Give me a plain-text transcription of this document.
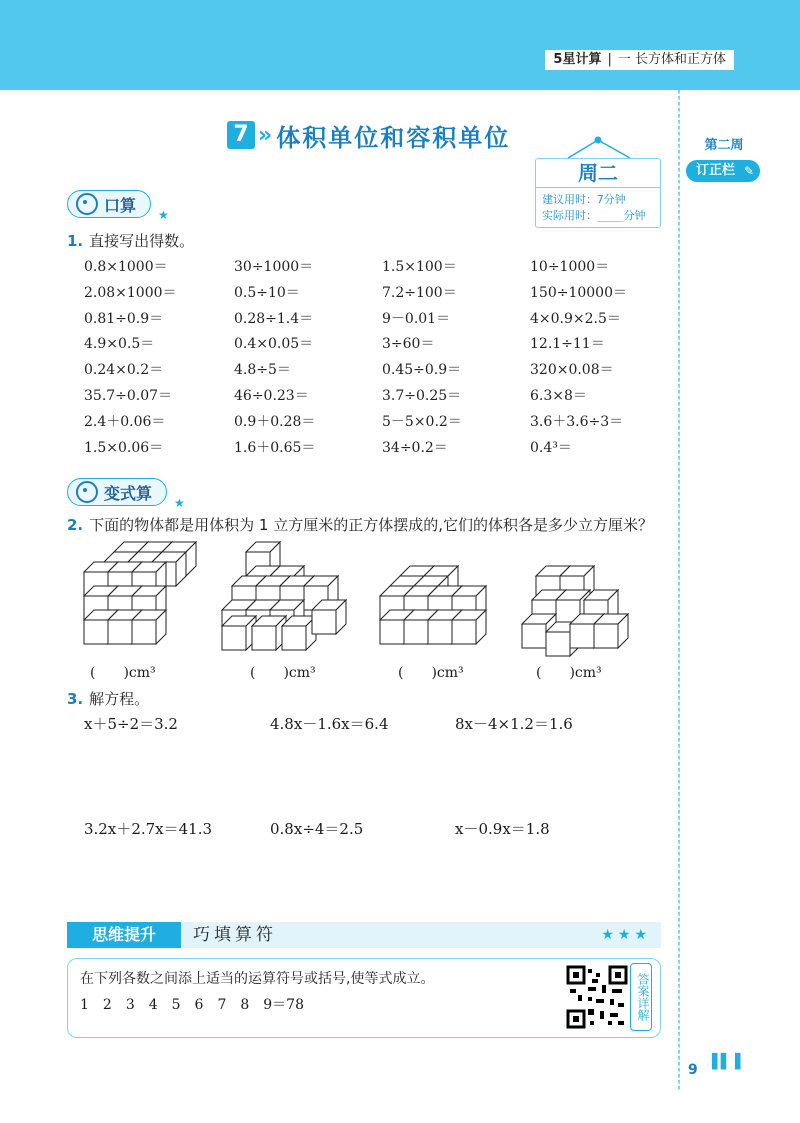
5星计算 | 一 长方体和正方体
7 » 体积单位和容积单位
周二
建议用时：7分钟
实际用时：____分钟
第二周
订正栏 ✎
口算
★
1. 直接写出得数。
0.8×1000＝	30÷1000＝	1.5×100＝	10÷1000＝
2.08×1000＝	0.5÷10＝	7.2÷100＝	150÷10000＝
0.81÷0.9＝	0.28÷1.4＝	9－0.01＝	4×0.9×2.5＝
4.9×0.5＝	0.4×0.05＝	3÷60＝	12.1÷11＝
0.24×0.2＝	4.8÷5＝	0.45÷0.9＝	320×0.08＝
35.7÷0.07＝	46÷0.23＝	3.7÷0.25＝	6.3×8＝
2.4＋0.06＝	0.9＋0.28＝	5－5×0.2＝	3.6＋3.6÷3＝
1.5×0.06＝	1.6＋0.65＝	34÷0.2＝	0.4³＝
变式算
★
2. 下面的物体都是用体积为 1 立方厘米的正方体摆成的,它们的体积各是多少立方厘米？
(　　)cm³	(　　)cm³	(　　)cm³	(　　)cm³
3. 解方程。
x＋5÷2＝3.2	4.8x－1.6x＝6.4	8x－4×1.2＝1.6
3.2x＋2.7x＝41.3	0.8x÷4＝2.5	x－0.9x＝1.8
思维提升	巧填算符	★★★
在下列各数之间添上适当的运算符号或括号,使等式成立。
1　2　3　4　5　6　7　8　9＝78	答案详解
9 ▌▌▐
